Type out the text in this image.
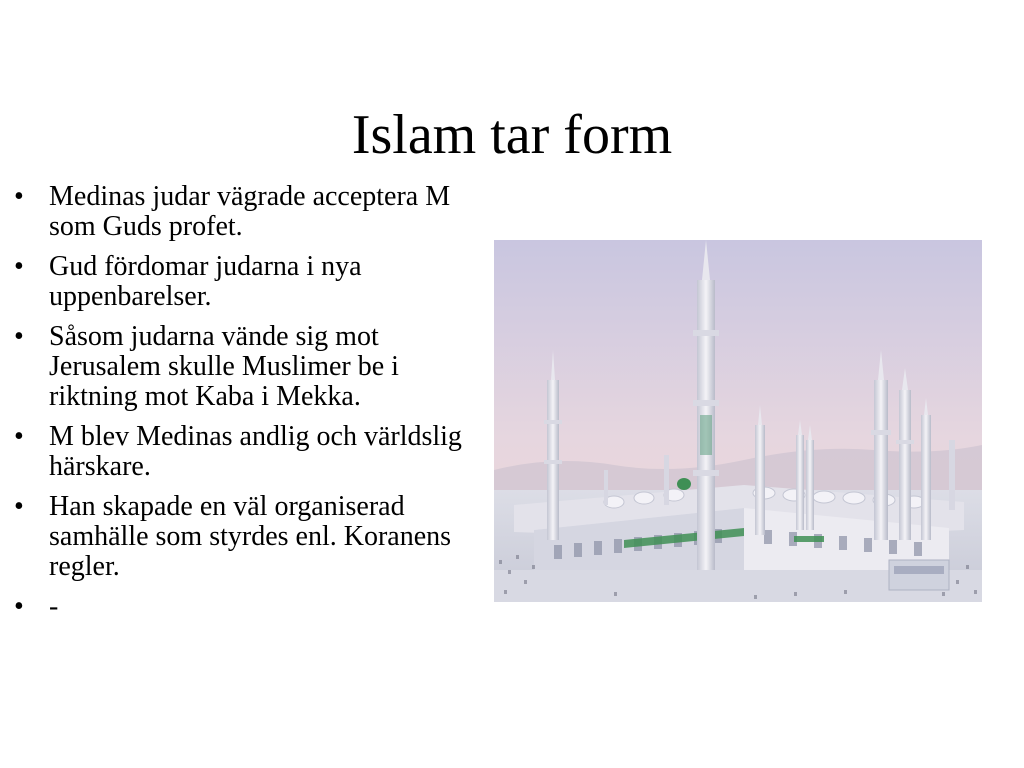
Islam tar form
• Medinas judar vägrade acceptera M som Guds profet.
• Gud fördomar judarna i nya uppenbarelser.
• Såsom judarna vände sig mot Jerusalem skulle Muslimer be i riktning mot Kaba i Mekka.
• M blev Medinas andlig och världslig härskare.
• Han skapade en väl organiserad samhälle som styrdes enl. Koranens regler.
• -
